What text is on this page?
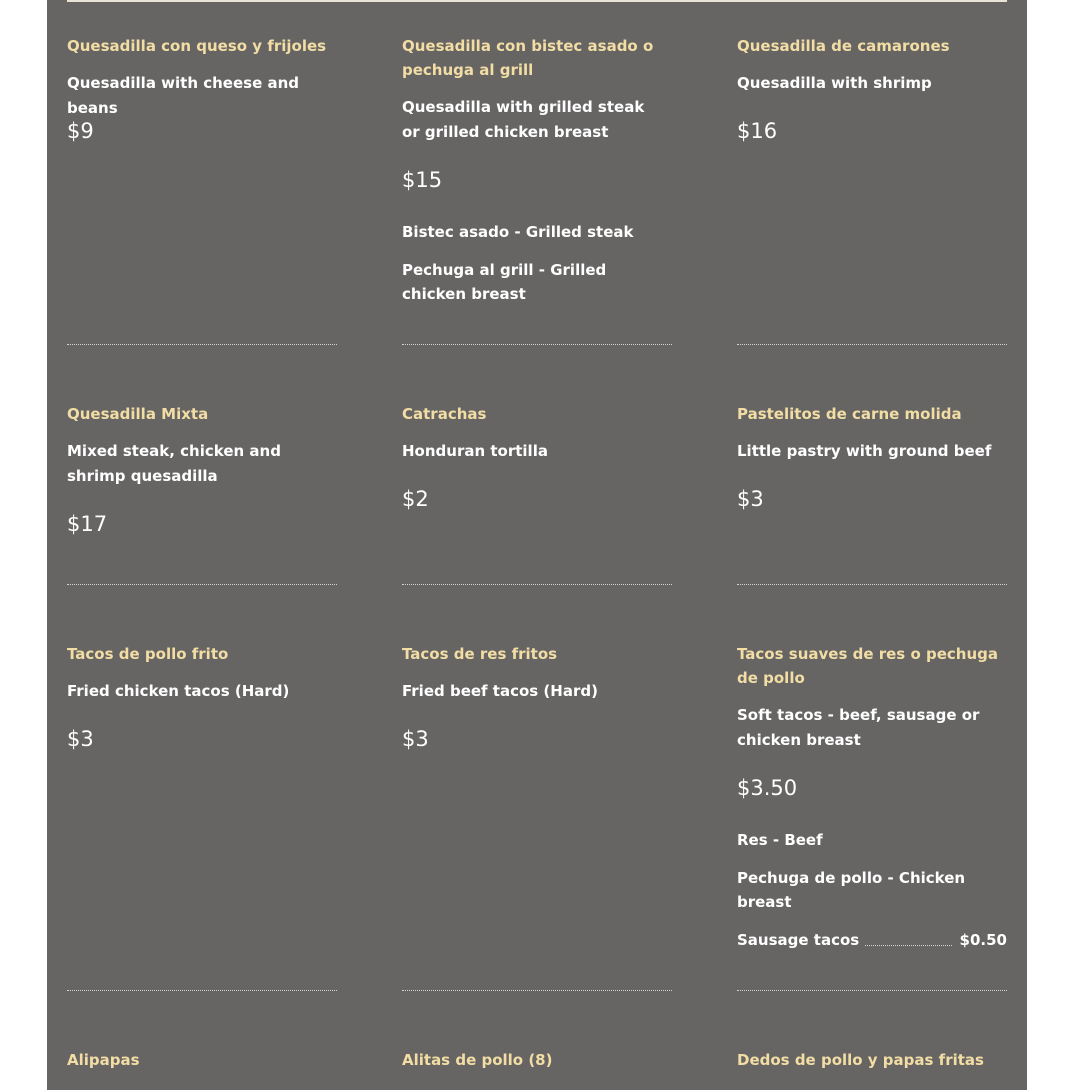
Quesadilla con queso y frijoles

Quesadilla with cheese and beans

$9

Quesadilla con bistec asado o pechuga al grill

Quesadilla with grilled steak or grilled chicken breast

$15

Bistec asado - Grilled steak

Pechuga al grill - Grilled chicken breast

Quesadilla de camarones

Quesadilla with shrimp

$16

Quesadilla Mixta

Mixed steak, chicken and shrimp quesadilla

$17

Catrachas

Honduran tortilla

$2

Pastelitos de carne molida

Little pastry with ground beef

$3

Tacos de pollo frito

Fried chicken tacos (Hard)

$3

Tacos de res fritos

Fried beef tacos (Hard)

$3

Tacos suaves de res o pechuga de pollo

Soft tacos - beef, sausage or chicken breast

$3.50

Res - Beef

Pechuga de pollo - Chicken breast

Sausage tacos	$0.50

Alipapas	Alitas de pollo (8)	Dedos de pollo y papas fritas
